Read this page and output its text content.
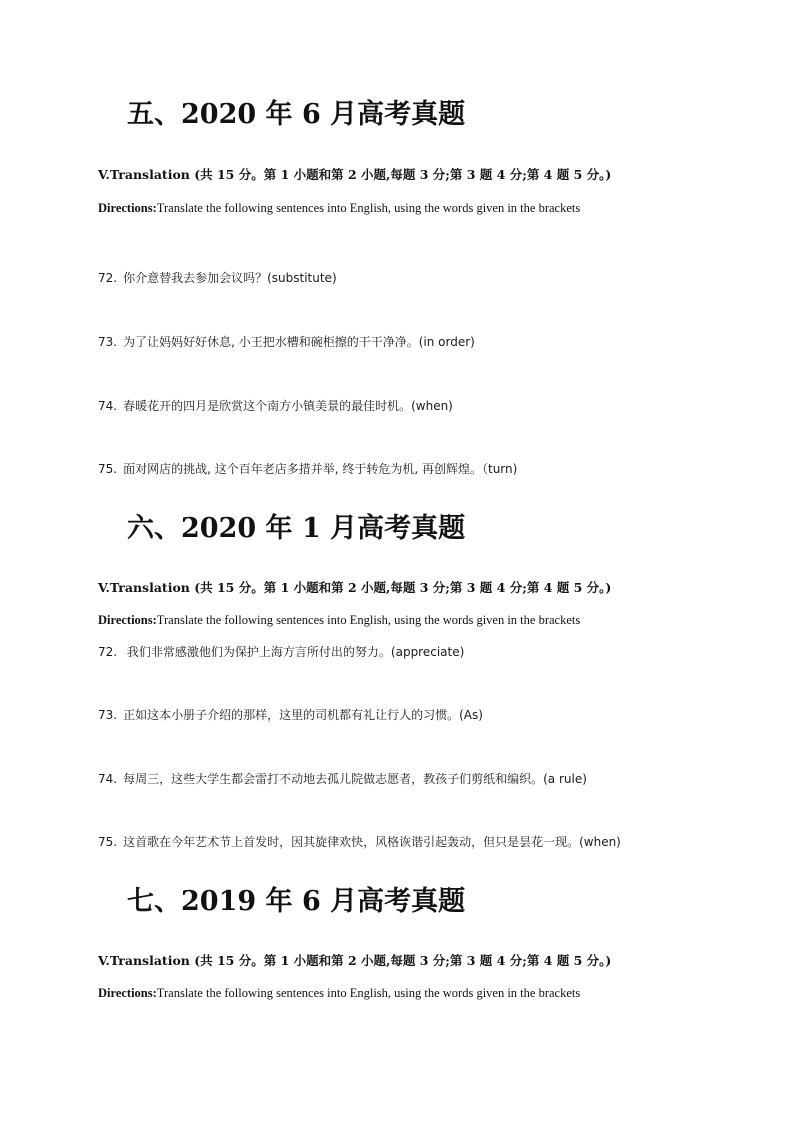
五、2020 年 6 月高考真题

V.Translation (共 15 分。第 1 小题和第 2 小题,每题 3 分;第 3 题 4 分;第 4 题 5 分。)

Directions:Translate the following sentences into English, using the words given in the brackets

72. 你介意替我去参加会议吗？(substitute)

73. 为了让妈妈好好休息, 小王把水槽和碗柜擦的干干净净。(in order)

74. 春暖花开的四月是欣赏这个南方小镇美景的最佳时机。(when)

75. 面对网店的挑战, 这个百年老店多措并举, 终于转危为机, 再创辉煌。（turn)

六、2020 年 1 月高考真题

V.Translation (共 15 分。第 1 小题和第 2 小题,每题 3 分;第 3 题 4 分;第 4 题 5 分。)

Directions:Translate the following sentences into English, using the words given in the brackets

72. 我们非常感激他们为保护上海方言所付出的努力。(appreciate)

73. 正如这本小册子介绍的那样，这里的司机都有礼让行人的习惯。(As)

74. 每周三，这些大学生都会雷打不动地去孤儿院做志愿者，教孩子们剪纸和编织。(a rule)

75. 这首歌在今年艺术节上首发时，因其旋律欢快，风格诙谐引起轰动，但只是昙花一现。(when)

七、2019 年 6 月高考真题

V.Translation (共 15 分。第 1 小题和第 2 小题,每题 3 分;第 3 题 4 分;第 4 题 5 分。)

Directions:Translate the following sentences into English, using the words given in the brackets
